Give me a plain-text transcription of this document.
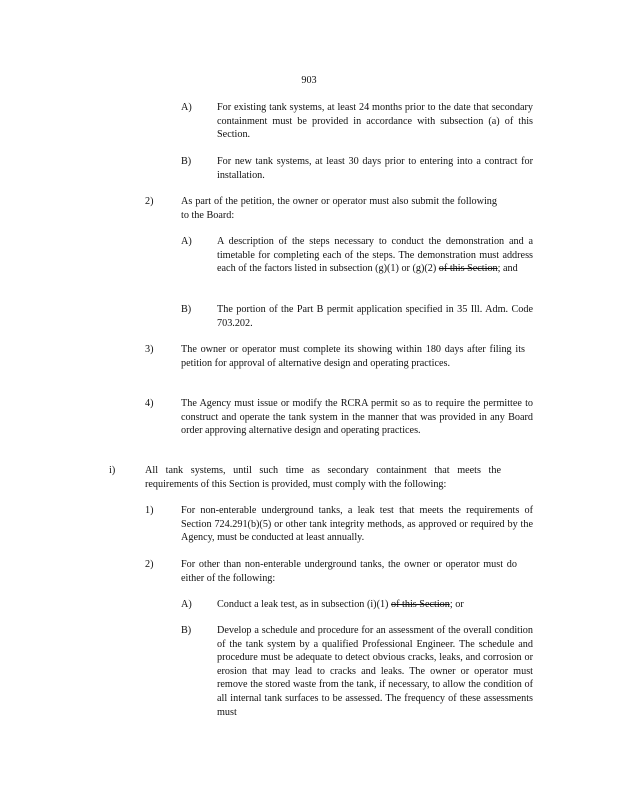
903
A) For existing tank systems, at least 24 months prior to the date that secondary containment must be provided in accordance with subsection (a) of this Section.
B)	For new tank systems, at least 30 days prior to entering into a contract for installation.
2)	As part of the petition, the owner or operator must also submit the following to the Board:
A) A description of the steps necessary to conduct the demonstration and a timetable for completing each of the steps. The demonstration must address each of the factors listed in subsection (g)(1) or (g)(2) of this Section; and
B)	The portion of the Part B permit application specified in 35 Ill. Adm. Code 703.202.
3)	The owner or operator must complete its showing within 180 days after filing its petition for approval of alternative design and operating practices.
4)	The Agency must issue or modify the RCRA permit so as to require the permittee to construct and operate the tank system in the manner that was provided in any Board order approving alternative design and operating practices.
i)	All tank systems, until such time as secondary containment that meets the requirements of this Section is provided, must comply with the following:
1)	For non-enterable underground tanks, a leak test that meets the requirements of Section 724.291(b)(5) or other tank integrity methods, as approved or required by the Agency, must be conducted at least annually.
2)	For other than non-enterable underground tanks, the owner or operator must do either of the following:
A) Conduct a leak test, as in subsection (i)(1) of this Section; or
B)	Develop a schedule and procedure for an assessment of the overall condition of the tank system by a qualified Professional Engineer. The schedule and procedure must be adequate to detect obvious cracks, leaks, and corrosion or erosion that may lead to cracks and leaks. The owner or operator must remove the stored waste from the tank, if necessary, to allow the condition of all internal tank surfaces to be assessed. The frequency of these assessments must
